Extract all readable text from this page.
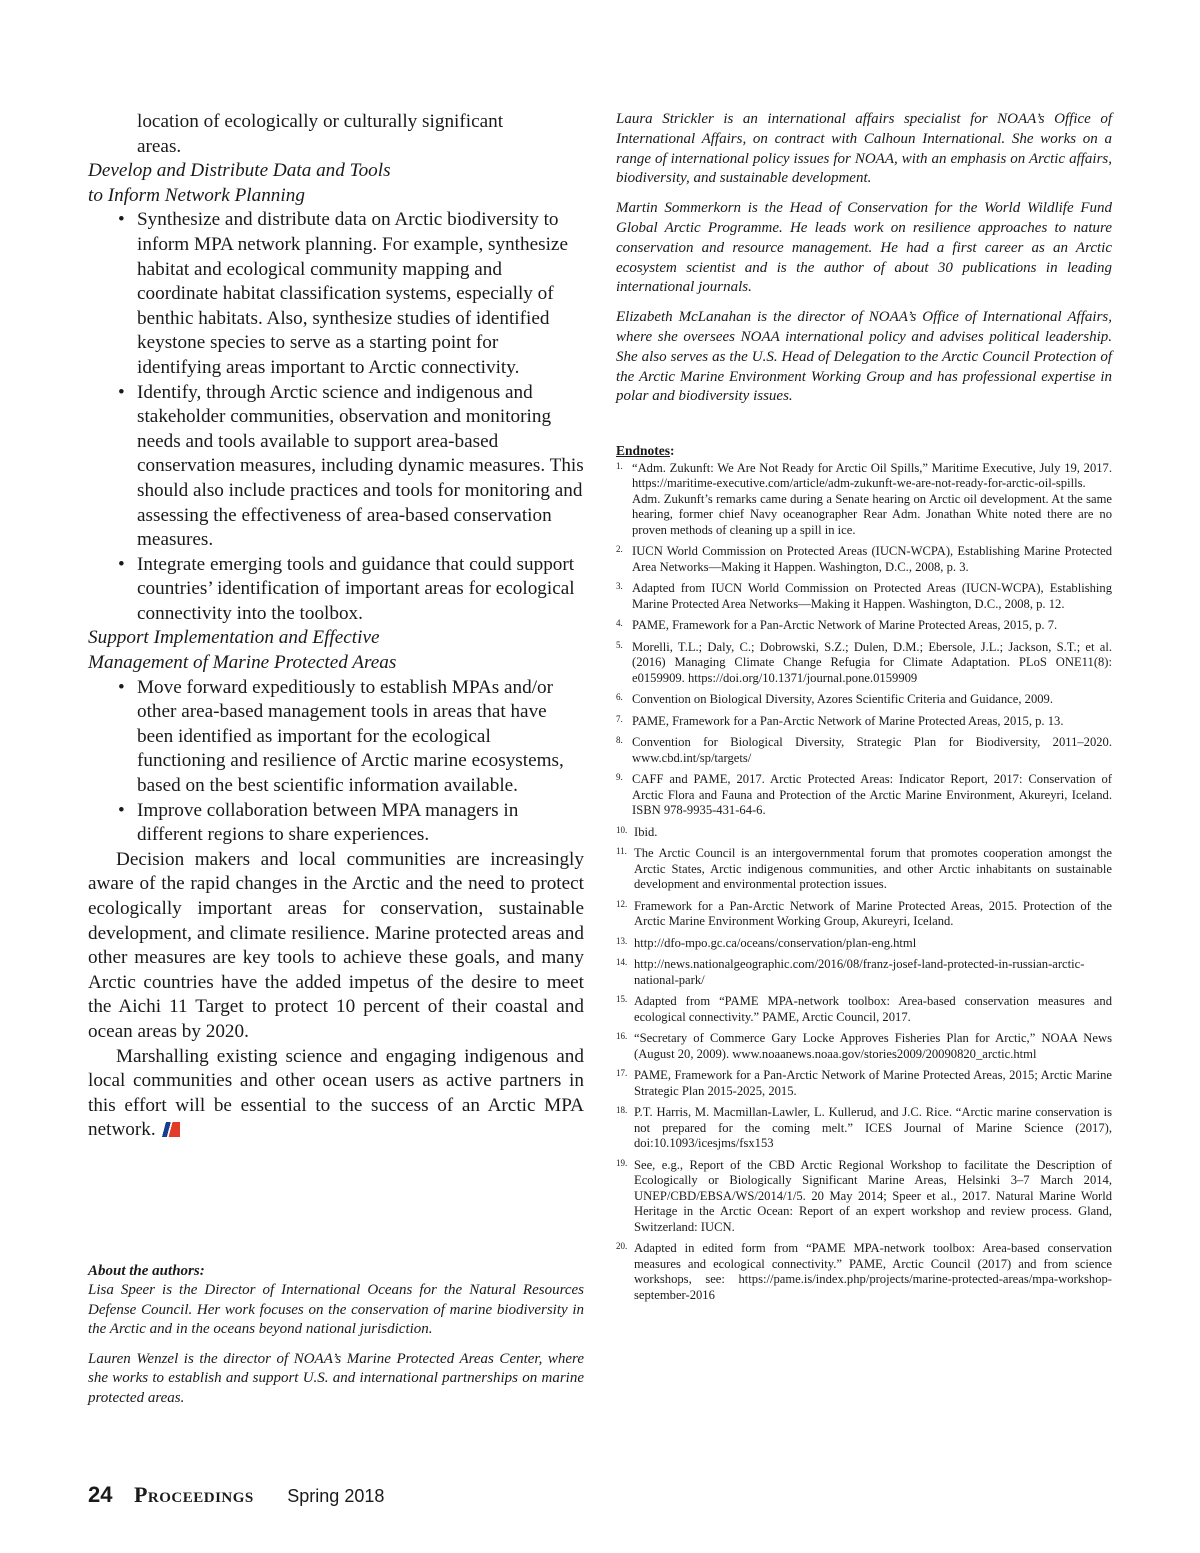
location of ecologically or culturally significant

areas.

Develop and Distribute Data and Tools

to Inform Network Planning

• Synthesize and distribute data on Arctic biodiversity to inform MPA network planning. For example, synthesize habitat and ecological community mapping and coordinate habitat classification systems, especially of benthic habitats. Also, synthesize studies of identified keystone species to serve as a starting point for identifying areas important to Arctic connectivity.
• Identify, through Arctic science and indigenous and stakeholder communities, observation and monitoring needs and tools available to support area-based conservation measures, including dynamic measures. This should also include practices and tools for monitoring and assessing the effectiveness of area-based conservation measures.
• Integrate emerging tools and guidance that could support countries’ identification of important areas for ecological connectivity into the toolbox.

Support Implementation and Effective

Management of Marine Protected Areas

• Move forward expeditiously to establish MPAs and/or other area-based management tools in areas that have been identified as important for the ecological functioning and resilience of Arctic marine ecosystems, based on the best scientific information available.
• Improve collaboration between MPA managers in different regions to share experiences.

Decision makers and local communities are increasingly aware of the rapid changes in the Arctic and the need to protect ecologically important areas for conservation, sustainable development, and climate resilience. Marine protected areas and other measures are key tools to achieve these goals, and many Arctic countries have the added impetus of the desire to meet the Aichi 11 Target to protect 10 percent of their coastal and ocean areas by 2020.

Marshalling existing science and engaging indigenous and local communities and other ocean users as active partners in this effort will be essential to the success of an Arctic MPA network.

About the authors:

Lisa Speer is the Director of International Oceans for the Natural Resources Defense Council. Her work focuses on the conservation of marine biodiversity in the Arctic and in the oceans beyond national jurisdiction.

Lauren Wenzel is the director of NOAA’s Marine Protected Areas Center, where she works to establish and support U.S. and international partnerships on marine protected areas.

Laura Strickler is an international affairs specialist for NOAA’s Office of International Affairs, on contract with Calhoun International. She works on a range of international policy issues for NOAA, with an emphasis on Arctic affairs, biodiversity, and sustainable development.

Martin Sommerkorn is the Head of Conservation for the World Wildlife Fund Global Arctic Programme. He leads work on resilience approaches to nature conservation and resource management. He had a first career as an Arctic ecosystem scientist and is the author of about 30 publications in leading international journals.

Elizabeth McLanahan is the director of NOAA’s Office of International Affairs, where she oversees NOAA international policy and advises political leadership. She also serves as the U.S. Head of Delegation to the Arctic Council Protection of the Arctic Marine Environment Working Group and has professional expertise in polar and biodiversity issues.

Endnotes:

1. “Adm. Zukunft: We Are Not Ready for Arctic Oil Spills,” Maritime Executive, July 19, 2017. https://maritime-executive.com/article/adm-zukunft-we-are-not-ready-for-arctic-oil-spills. Adm. Zukunft’s remarks came during a Senate hearing on Arctic oil development. At the same hearing, former chief Navy oceanographer Rear Adm. Jonathan White noted there are no proven methods of cleaning up a spill in ice.

2. IUCN World Commission on Protected Areas (IUCN-WCPA), Establishing Marine Protected Area Networks—Making it Happen. Washington, D.C., 2008, p. 3.

3. Adapted from IUCN World Commission on Protected Areas (IUCN-WCPA), Establishing Marine Protected Area Networks—Making it Happen. Washington, D.C., 2008, p. 12.

4. PAME, Framework for a Pan-Arctic Network of Marine Protected Areas, 2015, p. 7.

5. Morelli, T.L.; Daly, C.; Dobrowski, S.Z.; Dulen, D.M.; Ebersole, J.L.; Jackson, S.T.; et al. (2016) Managing Climate Change Refugia for Climate Adaptation. PLoS ONE11(8): e0159909. https://doi.org/10.1371/journal.pone.0159909

6. Convention on Biological Diversity, Azores Scientific Criteria and Guidance, 2009.

7. PAME, Framework for a Pan-Arctic Network of Marine Protected Areas, 2015, p. 13.

8. Convention for Biological Diversity, Strategic Plan for Biodiversity, 2011–2020. www.cbd.int/sp/targets/

9. CAFF and PAME, 2017. Arctic Protected Areas: Indicator Report, 2017: Conservation of Arctic Flora and Fauna and Protection of the Arctic Marine Environment, Akureyri, Iceland. ISBN 978-9935-431-64-6.

10. Ibid.

11. The Arctic Council is an intergovernmental forum that promotes cooperation amongst the Arctic States, Arctic indigenous communities, and other Arctic inhabitants on sustainable development and environmental protection issues.

12. Framework for a Pan-Arctic Network of Marine Protected Areas, 2015. Protection of the Arctic Marine Environment Working Group, Akureyri, Iceland.

13. http://dfo-mpo.gc.ca/oceans/conservation/plan-eng.html

14. http://news.nationalgeographic.com/2016/08/franz-josef-land-protected-in-russian-arctic-national-park/

15. Adapted from “PAME MPA-network toolbox: Area-based conservation measures and ecological connectivity.” PAME, Arctic Council, 2017.

16. “Secretary of Commerce Gary Locke Approves Fisheries Plan for Arctic,” NOAA News (August 20, 2009). www.noaanews.noaa.gov/stories2009/20090820_arctic.html

17. PAME, Framework for a Pan-Arctic Network of Marine Protected Areas, 2015; Arctic Marine Strategic Plan 2015-2025, 2015.

18. P.T. Harris, M. Macmillan-Lawler, L. Kullerud, and J.C. Rice. “Arctic marine conservation is not prepared for the coming melt.” ICES Journal of Marine Science (2017), doi:10.1093/icesjms/fsx153

19. See, e.g., Report of the CBD Arctic Regional Workshop to facilitate the Description of Ecologically or Biologically Significant Marine Areas, Helsinki 3–7 March 2014, UNEP/CBD/EBSA/WS/2014/1/5. 20 May 2014; Speer et al., 2017. Natural Marine World Heritage in the Arctic Ocean: Report of an expert workshop and review process. Gland, Switzerland: IUCN.

20. Adapted in edited form from “PAME MPA-network toolbox: Area-based conservation measures and ecological connectivity.” PAME, Arctic Council (2017) and from science workshops, see: https://pame.is/index.php/projects/marine-protected-areas/mpa-workshop-september-2016

24 Proceedings Spring 2018
